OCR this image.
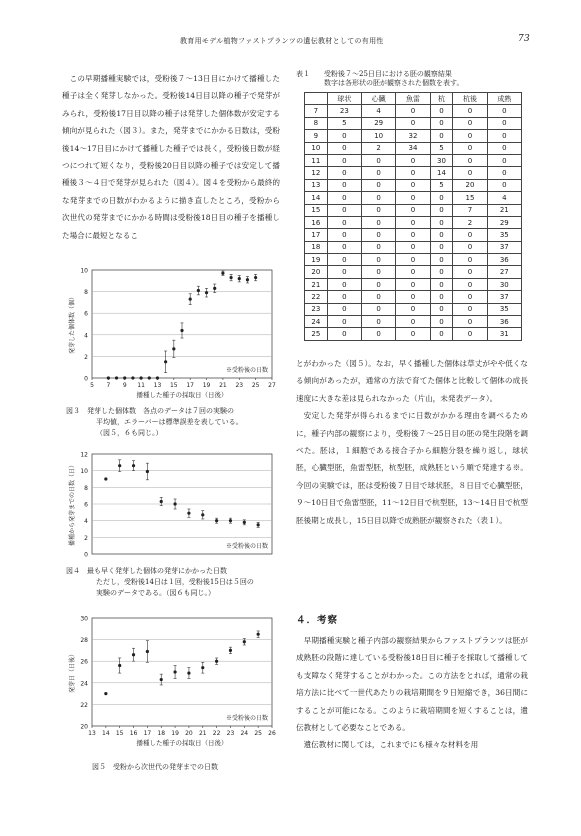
教育用モデル植物ファストプランツの遺伝教材としての有用性	73

この早期播種実験では，受粉後７～13日目にかけて播種した種子は全く発芽しなかった。受粉後14日目以降の種子で発芽がみられ，受粉後17日目以降の種子は発芽した個体数が安定する傾向が見られた（図３）。また，発芽までにかかる日数は，受粉後14～17日目にかけて播種した種子では長く，受粉後日数が経つにつれて短くなり，受粉後20日目以降の種子では安定して播種後３～４日で発芽が見られた（図４）。図４を受粉から最終的な発芽までの日数がわかるように描き直したところ，受粉から次世代の発芽までにかかる時間は受粉後18日目の種子を播種した場合に最短となるこ

0
2
4
6
8
10
5 7 9 11 13 15 17 19 21 23 25 27
播種した種子の採取日（日後）
発芽した個体数（個）
※受粉後の日数
図３　発芽した個体数　各点のデータは７回の実験の
平均値，エラーバーは標準誤差を表している。
（図５，６も同じ。）
0
2
4
6
8
10
12
播種から発芽までの日数（日）
※受粉後の日数
図４　最も早く発芽した個体の発芽にかかった日数
ただし，受粉後14日は１回，受粉後15日は５回の
実験のデータである。（図６も同じ。）
20
22
24
26
28
30
13 14 15 16 17 18 19 20 21 22 23 24 25 26
播種した種子の採取日（日後）
発芽日（日後）
※受粉後の日数
図５　受粉から次世代の発芽までの日数
表１ 受粉後７～25日目における胚の観察結果
数字は各形状の胚が観察された個数を表す。
	球状	心臓	魚雷	杭	杭後	成熟
7	23	4	0	0	0	0
8	5	29	0	0	0	0
9	0	10	32	0	0	0
10	0	2	34	5	0	0
11	0	0	0	30	0	0
12	0	0	0	14	0	0
13	0	0	0	5	20	0
14	0	0	0	0	15	4
15	0	0	0	0	7	21
16	0	0	0	0	2	29
17	0	0	0	0	0	35
18	0	0	0	0	0	37
19	0	0	0	0	0	36
20	0	0	0	0	0	27
21	0	0	0	0	0	30
22	0	0	0	0	0	37
23	0	0	0	0	0	35
24	0	0	0	0	0	36
25	0	0	0	0	0	31

とがわかった（図５）。なお，早く播種した個体は草丈がやや低くなる傾向があったが，通常の方法で育てた個体と比較して個体の成長速度に大きな差は見られなかった（片山，未発表データ）。

安定した発芽が得られるまでに日数がかかる理由を調べるために，種子内部の観察により，受粉後７～25日目の胚の発生段階を調べた。胚は，１細胞である接合子から細胞分裂を繰り返し，球状胚，心臓型胚，魚雷型胚，杭型胚，成熟胚という順で発達する※。今回の実験では，胚は受粉後７日目で球状胚，８日目で心臓型胚，９～10日目で魚雷型胚，11～12日目で杭型胚，13～14日目で杭型胚後期と成長し，15日目以降で成熟胚が観察された（表１）。

４．考察

早期播種実験と種子内部の観察結果からファストプランツは胚が成熟胚の段階に達している受粉後18日目に種子を採取して播種しても支障なく発芽することがわかった。この方法をとれば，通常の栽培方法に比べて一世代あたりの栽培期間を９日短縮でき，36日間にすることが可能になる。このように栽培期間を短くすることは，遺伝教材として必要なことである。

遺伝教材に関しては，これまでにも様々な材料を用
